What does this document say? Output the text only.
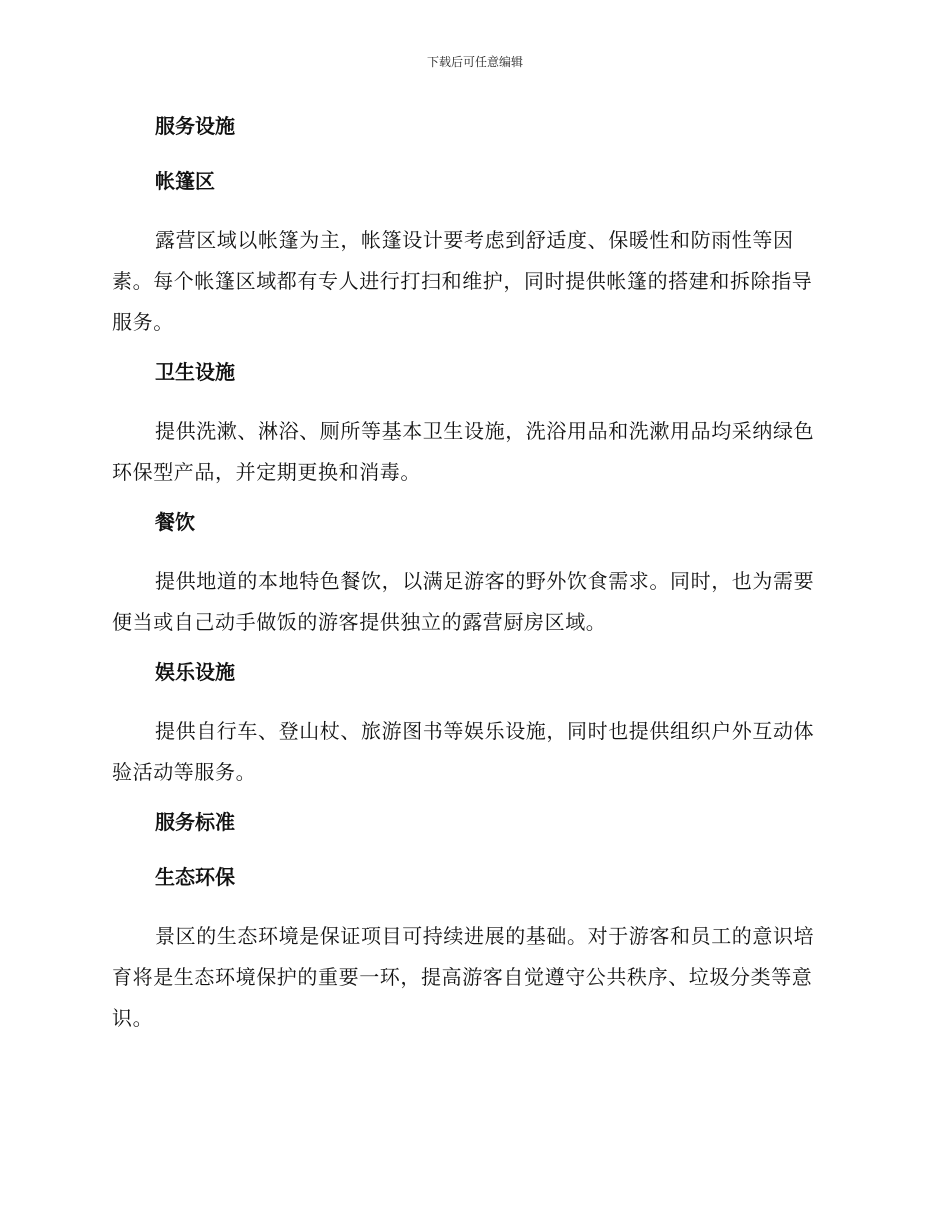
下载后可任意编辑
服务设施
帐篷区

露营区域以帐篷为主，帐篷设计要考虑到舒适度、保暖性和防雨性等因素。每个帐篷区域都有专人进行打扫和维护，同时提供帐篷的搭建和拆除指导服务。

卫生设施

提供洗漱、淋浴、厕所等基本卫生设施，洗浴用品和洗漱用品均采纳绿色环保型产品，并定期更换和消毒。

餐饮

提供地道的本地特色餐饮，以满足游客的野外饮食需求。同时，也为需要便当或自己动手做饭的游客提供独立的露营厨房区域。

娱乐设施

提供自行车、登山杖、旅游图书等娱乐设施，同时也提供组织户外互动体验活动等服务。

服务标准
生态环保

景区的生态环境是保证项目可持续进展的基础。对于游客和员工的意识培育将是生态环境保护的重要一环，提高游客自觉遵守公共秩序、垃圾分类等意识。
